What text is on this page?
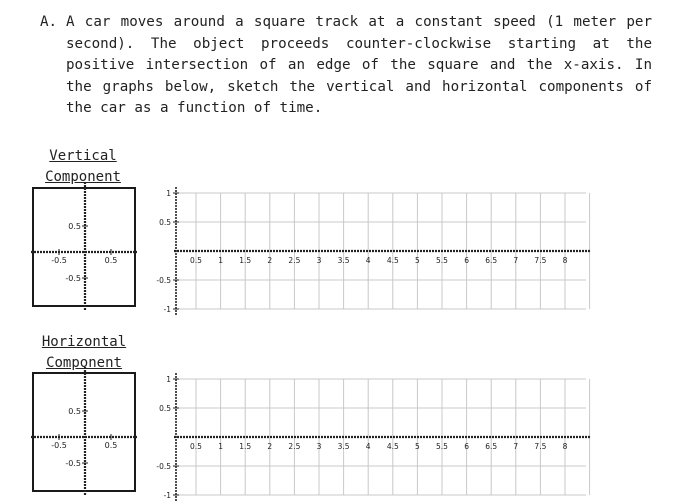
A. A car moves around a square track at a constant speed (1 meter per second). The object proceeds counter-clockwise starting at the positive intersection of an edge of the square and the x-axis. In the graphs below, sketch the vertical and horizontal components of the car as a function of time.
Vertical
Component
Horizontal
Component
0.5
-0.5
0.5
-0.5	0.5 1 1.5 2 2.5 3 3.5 4 4.5 5 5.5 6 6.5 7 7.5 8
1
0.5
-0.5
-1
0.5
-0.5
0.5
-0.5	0.5 1 1.5 2 2.5 3 3.5 4 4.5 5 5.5 6 6.5 7 7.5 8
1
0.5
-0.5
-1
